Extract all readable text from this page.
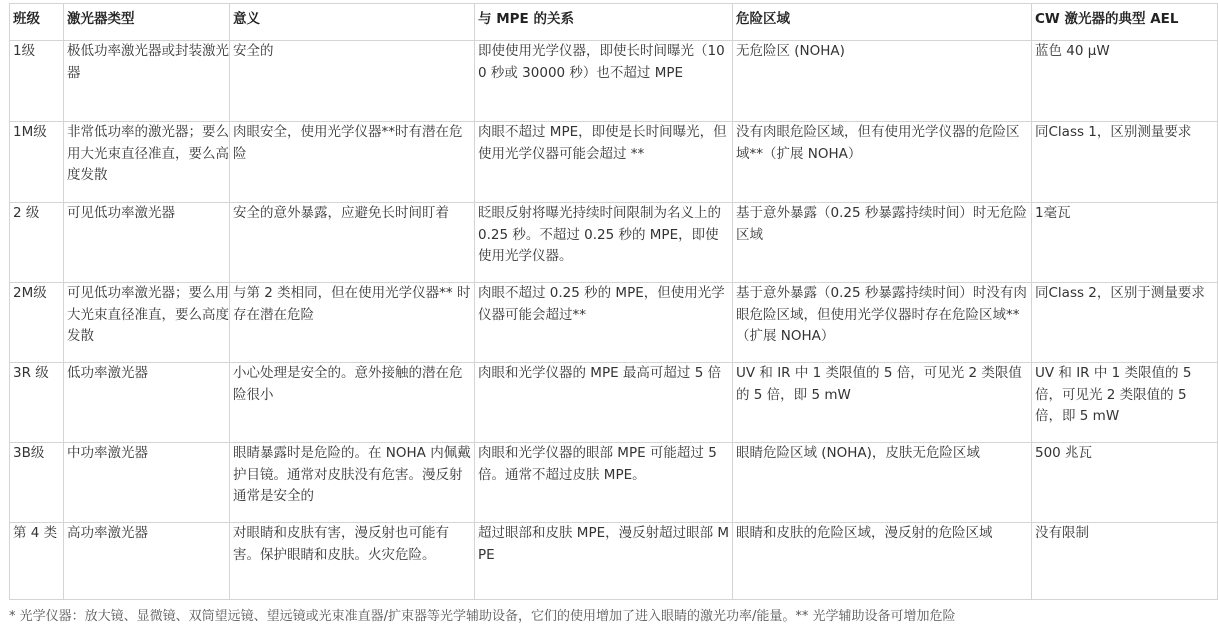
班级	激光器类型	意义	与 MPE 的关系	危险区域	CW 激光器的典型 AEL
1级	极低功率激光器或封装激光器	安全的	即使使用光学仪器，即使长时间曝光（100 秒或 30000 秒）也不超过 MPE	无危险区 (NOHA)	蓝色 40 μW
1M级	非常低功率的激光器；要么用大光束直径准直，要么高度发散	肉眼安全，使用光学仪器**时有潜在危险	肉眼不超过 MPE，即使是长时间曝光，但使用光学仪器可能会超过 **	没有肉眼危险区域，但有使用光学仪器的危险区域**（扩展 NOHA）	同Class 1，区别测量要求
2 级	可见低功率激光器	安全的意外暴露，应避免长时间盯着	眨眼反射将曝光持续时间限制为名义上的 0.25 秒。不超过 0.25 秒的 MPE，即使使用光学仪器。	基于意外暴露（0.25 秒暴露持续时间）时无危险区域	1毫瓦
2M级	可见低功率激光器；要么用大光束直径准直，要么高度发散	与第 2 类相同，但在使用光学仪器** 时存在潜在危险	肉眼不超过 0.25 秒的 MPE，但使用光学仪器可能会超过**	基于意外暴露（0.25 秒暴露持续时间）时没有肉眼危险区域，但使用光学仪器时存在危险区域**（扩展 NOHA）	同Class 2，区别于测量要求
3R 级	低功率激光器	小心处理是安全的。意外接触的潜在危险很小	肉眼和光学仪器的 MPE 最高可超过 5 倍	UV 和 IR 中 1 类限值的 5 倍，可见光 2 类限值的 5 倍，即 5 mW	UV 和 IR 中 1 类限值的 5 倍，可见光 2 类限值的 5 倍，即 5 mW
3B级	中功率激光器	眼睛暴露时是危险的。在 NOHA 内佩戴护目镜。通常对皮肤没有危害。漫反射通常是安全的	肉眼和光学仪器的眼部 MPE 可能超过 5 倍。通常不超过皮肤 MPE。	眼睛危险区域 (NOHA)，皮肤无危险区域	500 兆瓦
第 4 类	高功率激光器	对眼睛和皮肤有害，漫反射也可能有害。保护眼睛和皮肤。火灾危险。	超过眼部和皮肤 MPE，漫反射超过眼部 MPE	眼睛和皮肤的危险区域，漫反射的危险区域	没有限制
* 光学仪器：放大镜、显微镜、双筒望远镜、望远镜或光束准直器/扩束器等光学辅助设备，它们的使用增加了进入眼睛的激光功率/能量。** 光学辅助设备可增加危险
